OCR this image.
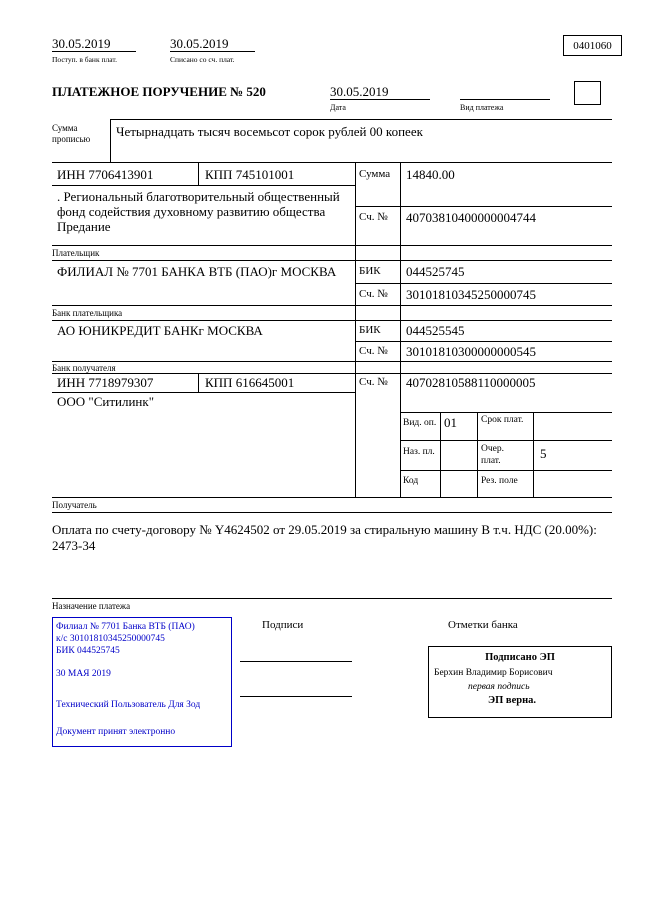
30.05.2019
Поступ. в банк плат.
30.05.2019
Списано со сч. плат.
0401060
ПЛАТЕЖНОЕ ПОРУЧЕНИЕ № 520	30.05.2019
Дата	Вид платежа
Сумма прописью	Четырнадцать тысяч восемьсот сорок рублей 00 копеек
ИНН 7706413901	КПП 745101001	Сумма 14840.00
. Региональный благотворительный общественный фонд содействия духовному развитию общества Предание
Сч. № 40703810400000004744
Плательщик
ФИЛИАЛ № 7701 БАНКА ВТБ (ПАО)г МОСКВА БИК 044525745
Сч. № 30101810345250000745
Банк плательщика
АО ЮНИКРЕДИТ БАНКг МОСКВА	БИК 044525545
Сч. № 30101810300000000545
Банк получателя
ИНН 7718979307	КПП 616645001	Сч. № 40702810588110000005
ООО "Ситилинк"
Вид. оп. 01	Срок плат.
Наз. пл.	Очер. плат.	5
Код	Рез. поле
Получатель
Оплата по счету-договору № Y4624502 от 29.05.2019 за стиральную машину В т.ч. НДС (20.00%): 2473-34
Назначение платежа
Филиал № 7701 Банка ВТБ (ПАО)
к/с 30101810345250000745
БИК 044525745
30 МАЯ 2019
Технический Пользователь Для Зод
Документ принят электронно
Подписи	Отметки банка
Подписано ЭП
Берхин Владимир Борисович
первая подпись
ЭП верна.
